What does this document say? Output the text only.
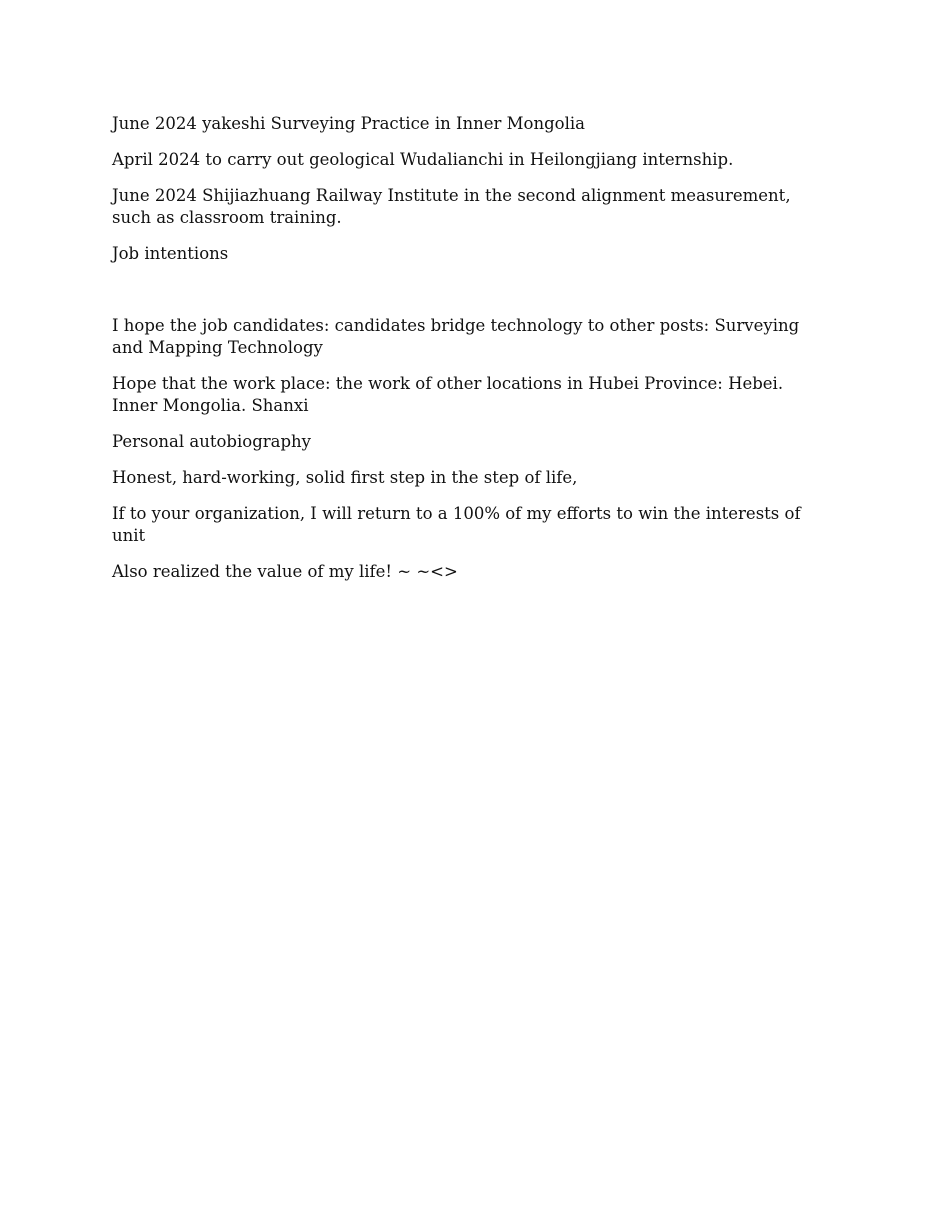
June 2024 yakeshi Surveying Practice in Inner Mongolia

April 2024 to carry out geological Wudalianchi in Heilongjiang internship.

June 2024 Shijiazhuang Railway Institute in the second alignment measurement, such as classroom training.

Job intentions

I hope the job candidates: candidates bridge technology to other posts: Surveying and Mapping Technology

Hope that the work place: the work of other locations in Hubei Province: Hebei. Inner Mongolia. Shanxi

Personal autobiography

Honest, hard-working, solid first step in the step of life,

If to your organization, I will return to a 100% of my efforts to win the interests of unit

Also realized the value of my life! ~ ~<>
